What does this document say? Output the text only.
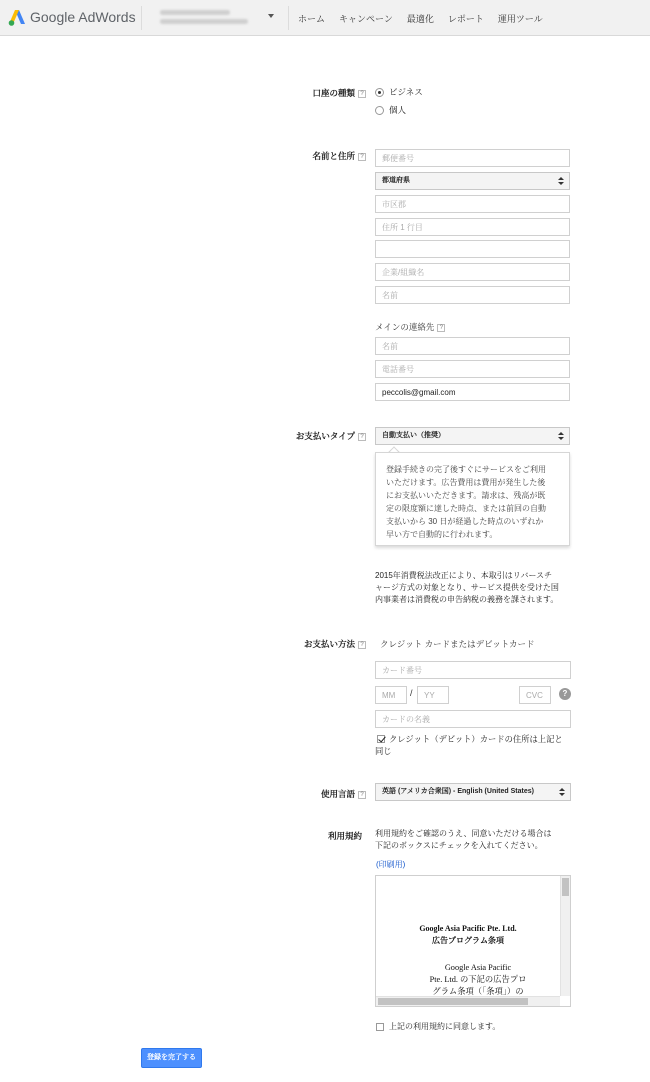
Google AdWords	ホーム キャンペーン 最適化 レポート 運用ツール
口座の種類 ?	ビジネス
個人
名前と住所 ?
郵便番号
都道府県
市区郡
住所 1 行目
企業/組織名
名前
メインの連絡先 ?
名前
電話番号
peccolis@gmail.com
お支払いタイプ ?	自動支払い（推奨）
登録手続きの完了後すぐにサービスをご利用
いただけます。広告費用は費用が発生した後
にお支払いいただきます。請求は、残高が既
定の限度額に達した時点、または前回の自動
支払いから 30 日が経過した時点のいずれか
早い方で自動的に行われます。
2015年消費税法改正により、本取引はリバースチ
ャージ方式の対象となり、サービス提供を受けた国
内事業者は消費税の申告納税の義務を課されます。
お支払い方法 ? クレジット カードまたはデビットカード
カード番号
MM
/
YY
CVC	?
カードの名義
クレジット（デビット）カードの住所は上記と
同じ
使用言語 ?	英語 (アメリカ合衆国) - English (United States)
利用規約 利用規約をご確認のうえ、同意いただける場合は
下記のボックスにチェックを入れてください。
(印刷用)
Google Asia Pacific Pte. Ltd.
広告プログラム条項
Google Asia Pacific
Pte. Ltd. の下記の広告プロ
グラム条項（「条項」）の
上記の利用規約に同意します。
登録を完了する
